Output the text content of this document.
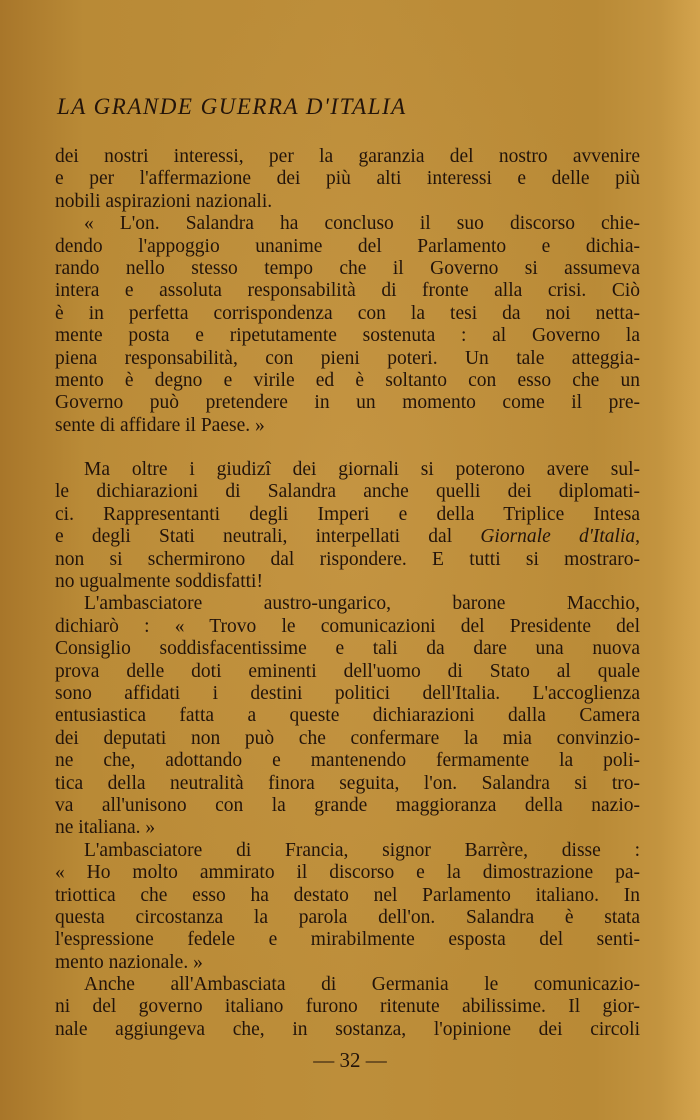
LA GRANDE GUERRA D'ITALIA
dei nostri interessi, per la garanzia del nostro avvenire
e per l'affermazione dei più alti interessi e delle più
nobili aspirazioni nazionali.
« L'on. Salandra ha concluso il suo discorso chie-
dendo l'appoggio unanime del Parlamento e dichia-
rando nello stesso tempo che il Governo si assumeva
intera e assoluta responsabilità di fronte alla crisi. Ciò
è in perfetta corrispondenza con la tesi da noi netta-
mente posta e ripetutamente sostenuta : al Governo la
piena responsabilità, con pieni poteri. Un tale atteggia-
mento è degno e virile ed è soltanto con esso che un
Governo può pretendere in un momento come il pre-
sente di affidare il Paese. »
Ma oltre i giudizî dei giornali si poterono avere sul-
le dichiarazioni di Salandra anche quelli dei diplomati-
ci. Rappresentanti degli Imperi e della Triplice Intesa
e degli Stati neutrali, interpellati dal Giornale d'Italia,
non si schermirono dal rispondere. E tutti si mostraro-
no ugualmente soddisfatti!
L'ambasciatore austro-ungarico, barone Macchio,
dichiarò : « Trovo le comunicazioni del Presidente del
Consiglio soddisfacentissime e tali da dare una nuova
prova delle doti eminenti dell'uomo di Stato al quale
sono affidati i destini politici dell'Italia. L'accoglienza
entusiastica fatta a queste dichiarazioni dalla Camera
dei deputati non può che confermare la mia convinzio-
ne che, adottando e mantenendo fermamente la poli-
tica della neutralità finora seguita, l'on. Salandra si tro-
va all'unisono con la grande maggioranza della nazio-
ne italiana. »
L'ambasciatore di Francia, signor Barrère, disse :
« Ho molto ammirato il discorso e la dimostrazione pa-
triottica che esso ha destato nel Parlamento italiano. In
questa circostanza la parola dell'on. Salandra è stata
l'espressione fedele e mirabilmente esposta del senti-
mento nazionale. »
Anche all'Ambasciata di Germania le comunicazio-
ni del governo italiano furono ritenute abilissime. Il gior-
nale aggiungeva che, in sostanza, l'opinione dei circoli

— 32 —
